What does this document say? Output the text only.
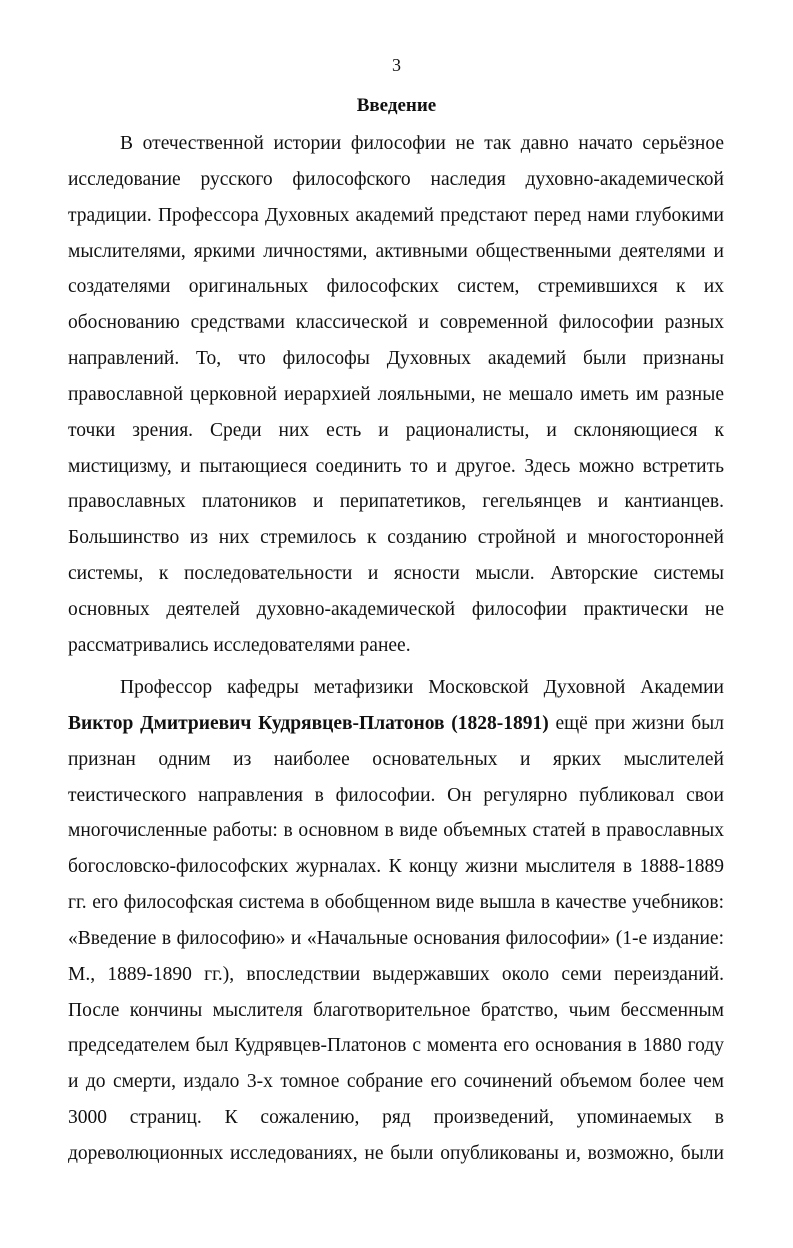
3
Введение
В отечественной истории философии не так давно начато серьёзное
исследование русского философского наследия духовно-академической
традиции. Профессора Духовных академий предстают перед нами глубокими
мыслителями, яркими личностями, активными общественными деятелями и
создателями оригинальных философских систем, стремившихся к их
обоснованию средствами классической и современной философии разных
направлений. То, что философы Духовных академий были признаны
православной церковной иерархией лояльными, не мешало иметь им разные
точки зрения. Среди них есть и рационалисты, и склоняющиеся к
мистицизму, и пытающиеся соединить то и другое. Здесь можно встретить
православных платоников и перипатетиков, гегельянцев и кантианцев.
Большинство из них стремилось к созданию стройной и многосторонней
системы, к последовательности и ясности мысли. Авторские системы
основных деятелей духовно-академической философии практически не
рассматривались исследователями ранее.
Профессор кафедры метафизики Московской Духовной Академии
Виктор Дмитриевич Кудрявцев-Платонов (1828-1891) ещё при жизни был
признан одним из наиболее основательных и ярких мыслителей
теистического направления в философии. Он регулярно публиковал свои
многочисленные работы: в основном в виде объемных статей в православных
богословско-философских журналах. К концу жизни мыслителя в 1888-1889
гг. его философская система в обобщенном виде вышла в качестве учебников:
«Введение в философию» и «Начальные основания философии» (1-е издание:
М., 1889-1890 гг.), впоследствии выдержавших около семи переизданий.
После кончины мыслителя благотворительное братство, чьим бессменным
председателем был Кудрявцев-Платонов с момента его основания в 1880 году
и до смерти, издало 3-х томное собрание его сочинений объемом более чем
3000 страниц. К сожалению, ряд произведений, упоминаемых в
дореволюционных исследованиях, не были опубликованы и, возможно, были
